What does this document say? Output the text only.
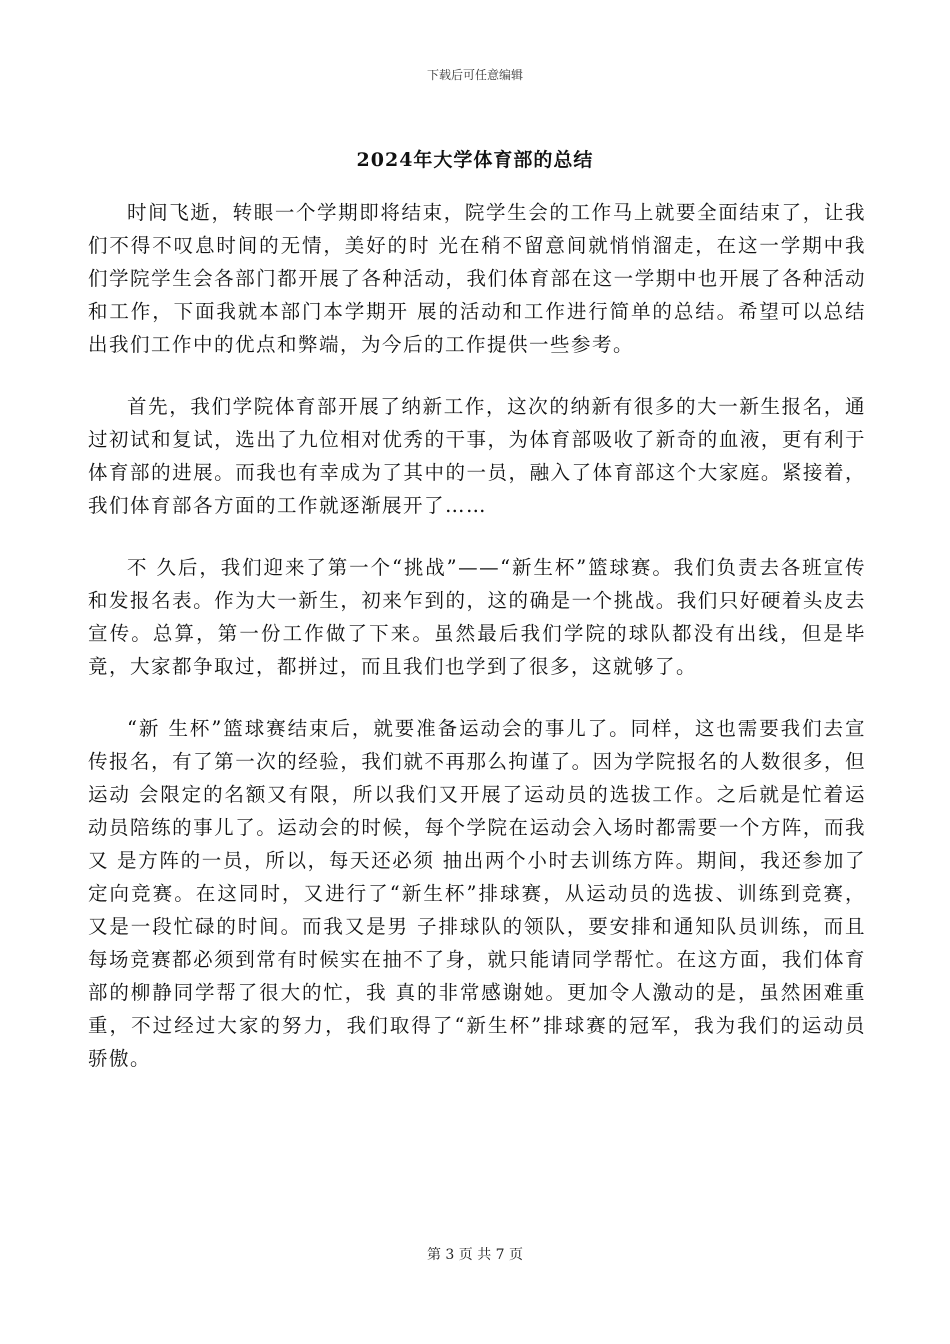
下载后可任意编辑
2024年大学体育部的总结

时间飞逝，转眼一个学期即将结束，院学生会的工作马上就要全面结束了，让我们不得不叹息时间的无情，美好的时 光在稍不留意间就悄悄溜走，在这一学期中我们学院学生会各部门都开展了各种活动，我们体育部在这一学期中也开展了各种活动和工作，下面我就本部门本学期开 展的活动和工作进行简单的总结。希望可以总结出我们工作中的优点和弊端，为今后的工作提供一些参考。

首先，我们学院体育部开展了纳新工作，这次的纳新有很多的大一新生报名，通过初试和复试，选出了九位相对优秀的干事，为体育部吸收了新奇的血液，更有利于体育部的进展。而我也有幸成为了其中的一员，融入了体育部这个大家庭。紧接着，我们体育部各方面的工作就逐渐展开了……

不 久后，我们迎来了第一个“挑战”——“新生杯”篮球赛。我们负责去各班宣传和发报名表。作为大一新生，初来乍到的，这的确是一个挑战。我们只好硬着头皮去 宣传。总算，第一份工作做了下来。虽然最后我们学院的球队都没有出线，但是毕竟，大家都争取过，都拼过，而且我们也学到了很多，这就够了。

“新 生杯”篮球赛结束后，就要准备运动会的事儿了。同样，这也需要我们去宣传报名，有了第一次的经验，我们就不再那么拘谨了。因为学院报名的人数很多，但运动 会限定的名额又有限，所以我们又开展了运动员的选拔工作。之后就是忙着运动员陪练的事儿了。运动会的时候，每个学院在运动会入场时都需要一个方阵，而我又 是方阵的一员，所以，每天还必须 抽出两个小时去训练方阵。期间，我还参加了定向竞赛。在这同时，又进行了“新生杯”排球赛，从运动员的选拔、训练到竞赛，又是一段忙碌的时间。而我又是男 子排球队的领队，要安排和通知队员训练，而且每场竞赛都必须到常有时候实在抽不了身，就只能请同学帮忙。在这方面，我们体育部的柳静同学帮了很大的忙，我 真的非常感谢她。更加令人激动的是，虽然困难重重，不过经过大家的努力，我们取得了“新生杯”排球赛的冠军，我为我们的运动员骄傲。

第 3 页 共 7 页
